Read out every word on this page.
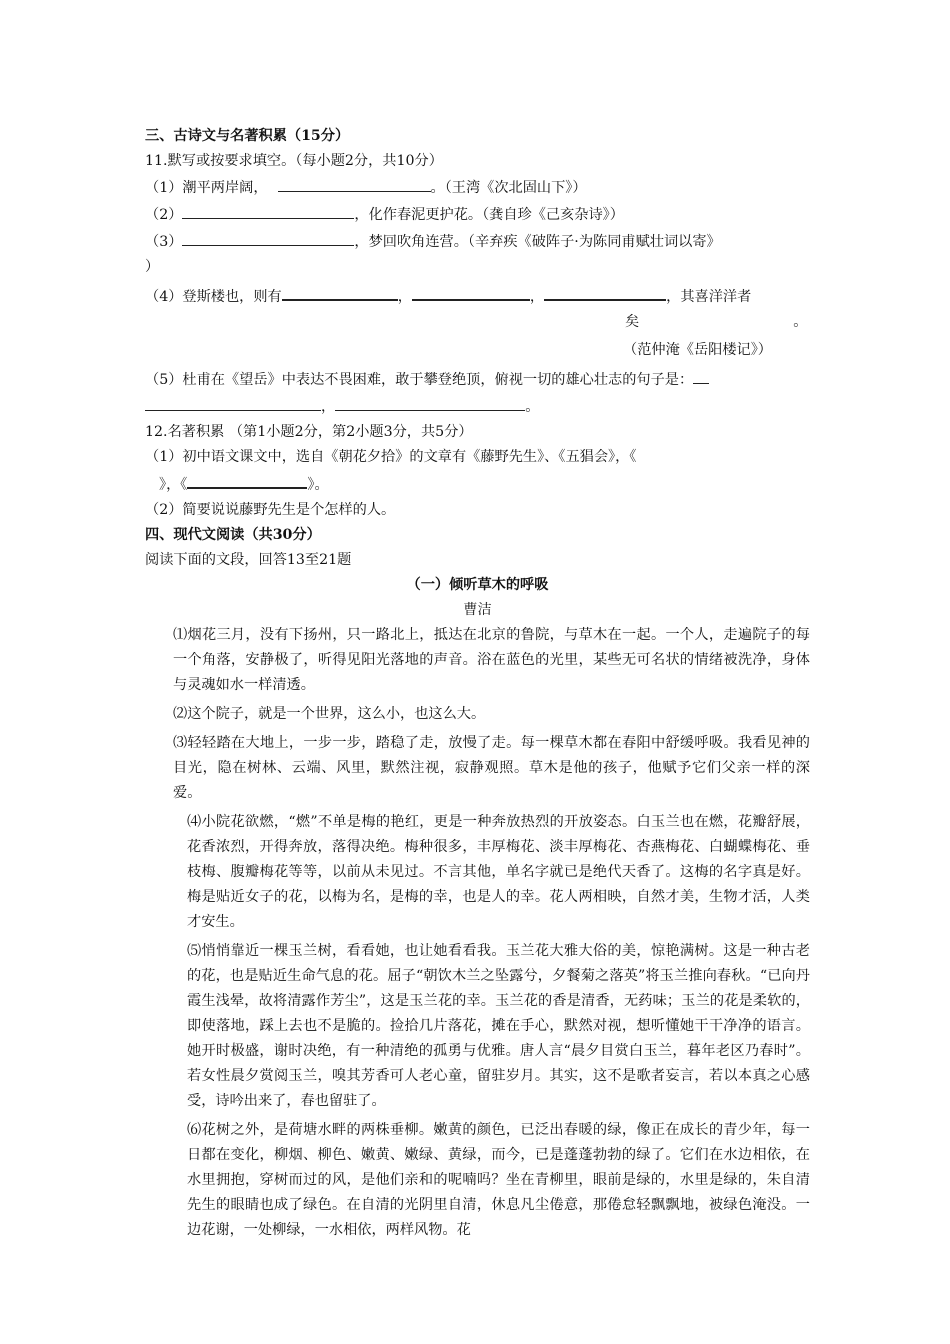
三、古诗文与名著积累（15分）
11.默写或按要求填空。（每小题2分，共10分）
（1）潮平两岸阔，	。（王湾《次北固山下》）
（2）	，化作春泥更护花。（龚自珍《己亥杂诗》）
（3）	，梦回吹角连营。（辛弃疾《破阵子·为陈同甫赋壮词以寄》
）
（4）登斯楼也，则有	，	，	，其喜洋洋者
矣	。
（范仲淹《岳阳楼记》）
（5）杜甫在《望岳》中表达不畏困难，敢于攀登绝顶，俯视一切的雄心壮志的句子是：
，	。
12.名著积累 （第1小题2分，第2小题3分，共5分）
（1）初中语文课文中，选自《朝花夕拾》的文章有《藤野先生》、《五猖会》，《
》，《	》。
（2）简要说说藤野先生是个怎样的人。
四、现代文阅读（共30分）
阅读下面的文段，回答13至21题
（一）倾听草木的呼吸
曹洁
⑴烟花三月，没有下扬州，只一路北上，抵达在北京的鲁院，与草木在一起。一个人，走遍院子的每一个角落，安静极了，听得见阳光落地的声音。浴在蓝色的光里，某些无可名状的情绪被洗净，身体与灵魂如水一样清透。
⑵这个院子，就是一个世界，这么小，也这么大。
⑶轻轻踏在大地上，一步一步，踏稳了走，放慢了走。每一棵草木都在春阳中舒缓呼吸。我看见神的目光，隐在树林、云端、风里，默然注视，寂静观照。草木是他的孩子，他赋予它们父亲一样的深爱。
⑷小院花欲燃，“燃”不单是梅的艳红，更是一种奔放热烈的开放姿态。白玉兰也在燃，花瓣舒展，花香浓烈，开得奔放，落得决绝。梅种很多，丰厚梅花、淡丰厚梅花、杏燕梅花、白蝴蝶梅花、垂枝梅、腹瓣梅花等等，以前从未见过。不言其他，单名字就已是绝代天香了。这梅的名字真是好。梅是贴近女子的花，以梅为名，是梅的幸，也是人的幸。花人两相映，自然才美，生物才活，人类才安生。
⑸悄悄靠近一棵玉兰树，看看她，也让她看看我。玉兰花大雅大俗的美，惊艳满树。这是一种古老的花，也是贴近生命气息的花。屈子“朝饮木兰之坠露兮，夕餐菊之落英”将玉兰推向春秋。“已向丹霞生浅晕，故将清露作芳尘”，这是玉兰花的幸。玉兰花的香是清香，无药味；玉兰的花是柔软的，即使落地，踩上去也不是脆的。捡拾几片落花，摊在手心，默然对视，想听懂她干干净净的语言。她开时极盛，谢时决绝，有一种清绝的孤勇与优雅。唐人言“晨夕目赏白玉兰，暮年老区乃春时”。若女性晨夕赏阅玉兰，嗅其芳香可人老心童，留驻岁月。其实，这不是歌者妄言，若以本真之心感受，诗吟出来了，春也留驻了。
⑹花树之外，是荷塘水畔的两株垂柳。嫩黄的颜色，已泛出春暖的绿，像正在成长的青少年，每一日都在变化，柳烟、柳色、嫩黄、嫩绿、黄绿，而今，已是蓬蓬勃勃的绿了。它们在水边相依，在水里拥抱，穿树而过的风，是他们亲和的呢喃吗？坐在青柳里，眼前是绿的，水里是绿的，朱自清先生的眼睛也成了绿色。在自清的光阴里自清，休息凡尘倦意，那倦怠轻飘飘地，被绿色淹没。一边花谢，一处柳绿，一水相依，两样风物。花
